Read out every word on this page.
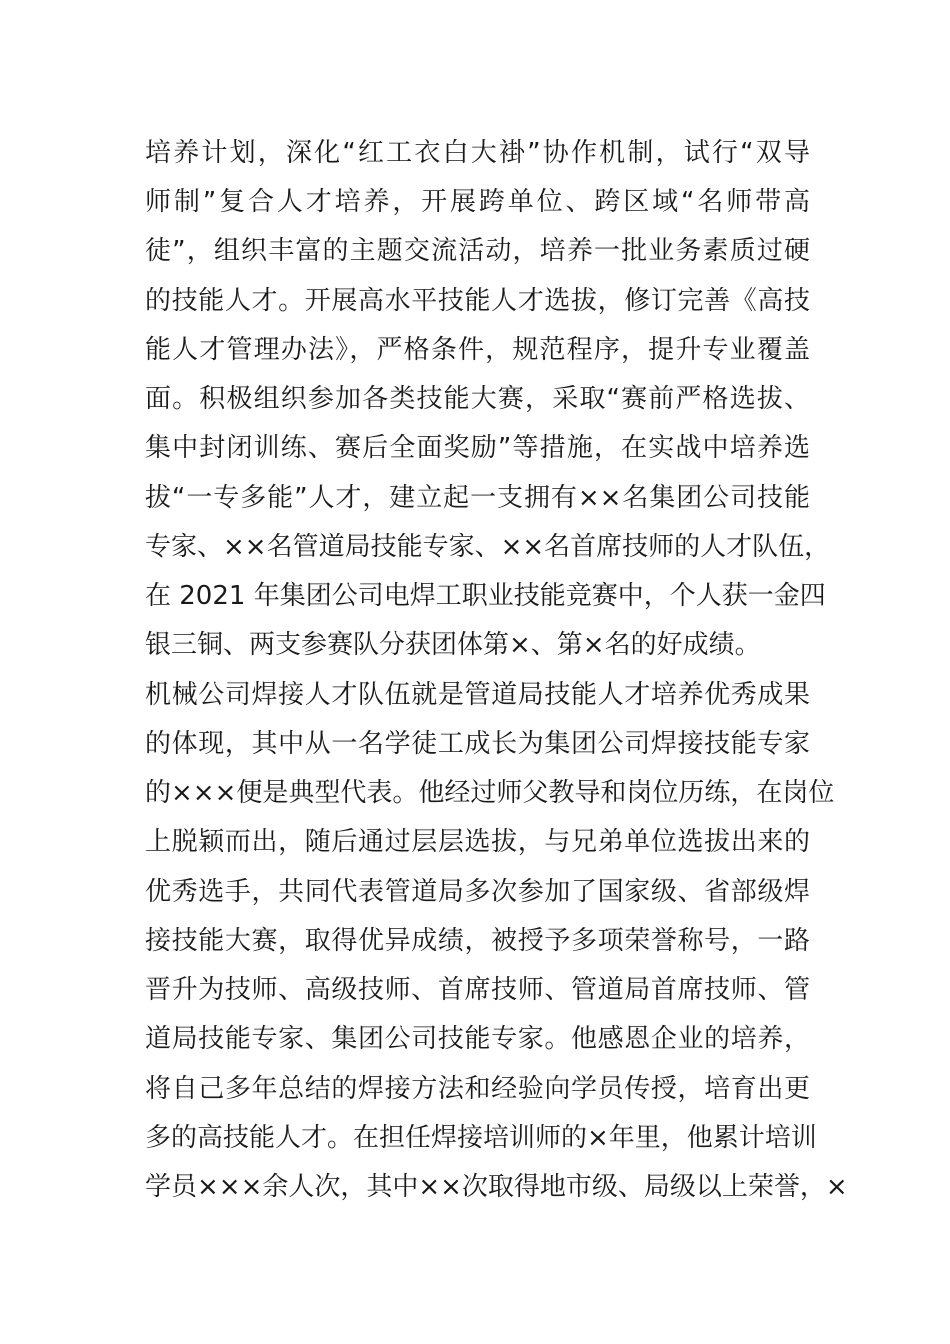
培养计划，深化“红工衣白大褂”协作机制，试行“双导
师制”复合人才培养，开展跨单位、跨区域“名师带高
徒”，组织丰富的主题交流活动，培养一批业务素质过硬
的技能人才。开展高水平技能人才选拔，修订完善《高技
能人才管理办法》，严格条件，规范程序，提升专业覆盖
面。积极组织参加各类技能大赛，采取“赛前严格选拔、
集中封闭训练、赛后全面奖励”等措施，在实战中培养选
拔“一专多能”人才，建立起一支拥有××名集团公司技能
专家、××名管道局技能专家、××名首席技师的人才队伍，
在 2021 年集团公司电焊工职业技能竞赛中，个人获一金四
银三铜、两支参赛队分获团体第×、第×名的好成绩。
机械公司焊接人才队伍就是管道局技能人才培养优秀成果
的体现，其中从一名学徒工成长为集团公司焊接技能专家
的×××便是典型代表。他经过师父教导和岗位历练，在岗位
上脱颖而出，随后通过层层选拔，与兄弟单位选拔出来的
优秀选手，共同代表管道局多次参加了国家级、省部级焊
接技能大赛，取得优异成绩，被授予多项荣誉称号，一路
晋升为技师、高级技师、首席技师、管道局首席技师、管
道局技能专家、集团公司技能专家。他感恩企业的培养，
将自己多年总结的焊接方法和经验向学员传授，培育出更
多的高技能人才。在担任焊接培训师的×年里，他累计培训
学员×××余人次，其中××次取得地市级、局级以上荣誉，×
